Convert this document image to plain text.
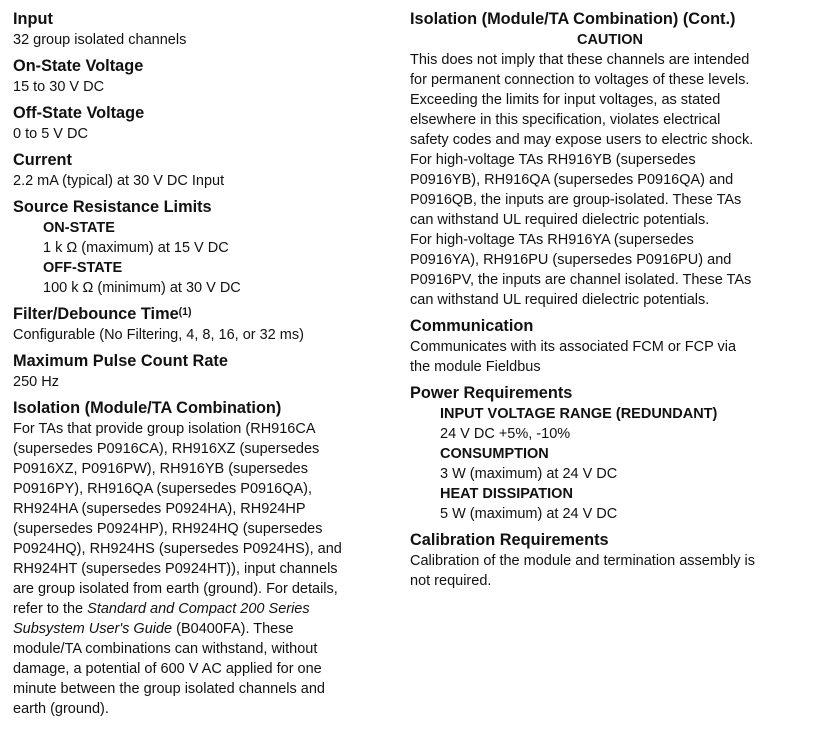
Input

32 group isolated channels

On-State Voltage

15 to 30 V DC

Off-State Voltage

0 to 5 V DC

Current

2.2 mA (typical) at 30 V DC Input

Source Resistance Limits
ON-STATE

1 k Ω (maximum) at 15 V DC

OFF-STATE

100 k Ω (minimum) at 30 V DC

Filter/Debounce Time$^{(1)}$

Configurable (No Filtering, 4, 8, 16, or 32 ms)

Maximum Pulse Count Rate

250 Hz

Isolation (Module/TA Combination)

For TAs that provide group isolation (RH916CA

(supersedes P0916CA), RH916XZ (supersedes

P0916XZ, P0916PW), RH916YB (supersedes

P0916PY), RH916QA (supersedes P0916QA),

RH924HA (supersedes P0924HA), RH924HP

(supersedes P0924HP), RH924HQ (supersedes

P0924HQ), RH924HS (supersedes P0924HS), and

RH924HT (supersedes P0924HT)), input channels

are group isolated from earth (ground). For details,

refer to the Standard and Compact 200 Series

Subsystem User's Guide (B0400FA). These

module/TA combinations can withstand, without

damage, a potential of 600 V AC applied for one

minute between the group isolated channels and

earth (ground).

Isolation (Module/TA Combination) (Cont.)
CAUTION

This does not imply that these channels are intended

for permanent connection to voltages of these levels.

Exceeding the limits for input voltages, as stated

elsewhere in this specification, violates electrical

safety codes and may expose users to electric shock.

For high-voltage TAs RH916YB (supersedes

P0916YB), RH916QA (supersedes P0916QA) and

P0916QB, the inputs are group-isolated. These TAs

can withstand UL required dielectric potentials.

For high-voltage TAs RH916YA (supersedes

P0916YA), RH916PU (supersedes P0916PU) and

P0916PV, the inputs are channel isolated. These TAs

can withstand UL required dielectric potentials.

Communication

Communicates with its associated FCM or FCP via

the module Fieldbus

Power Requirements
INPUT VOLTAGE RANGE (REDUNDANT)

24 V DC +5%, -10%

CONSUMPTION

3 W (maximum) at 24 V DC

HEAT DISSIPATION

5 W (maximum) at 24 V DC

Calibration Requirements

Calibration of the module and termination assembly is

not required.
